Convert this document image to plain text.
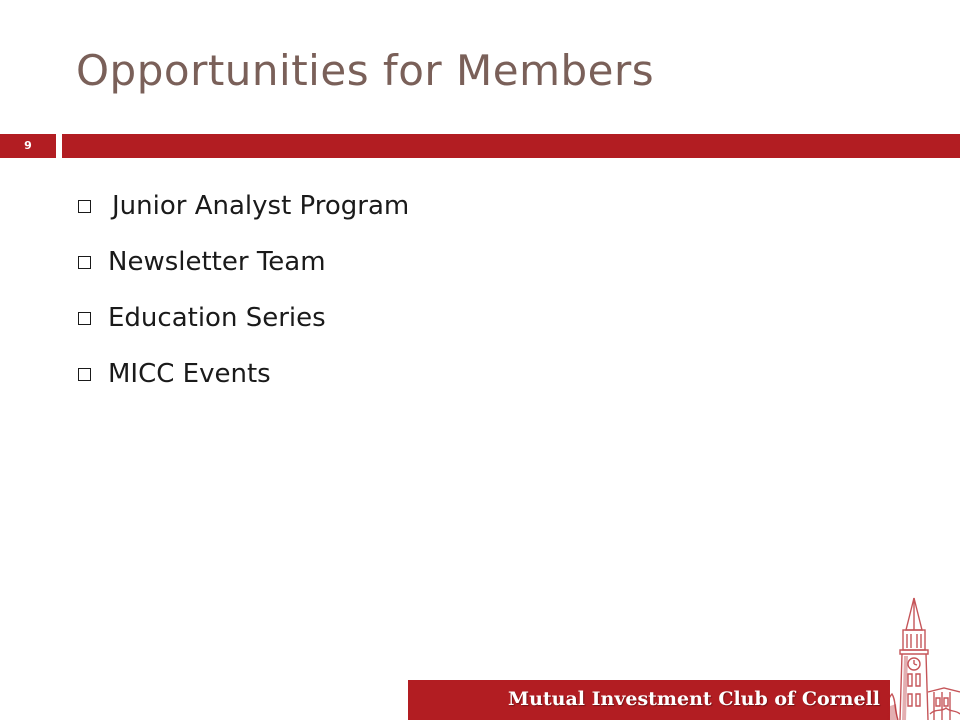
Opportunities for Members
9
Junior Analyst Program
Newsletter Team
Education Series
MICC Events
Mutual Investment Club of Cornell
